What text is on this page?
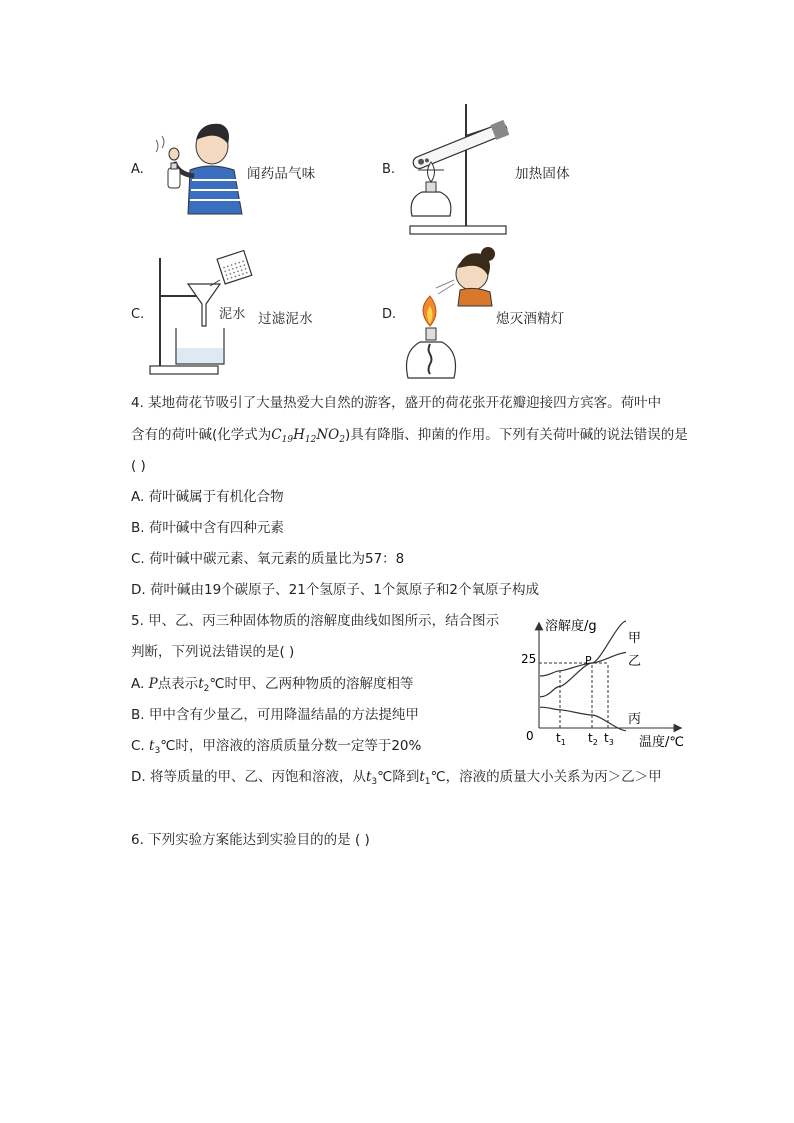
A.	闻药品气味	B.	加热固体
C.	泥水 过滤泥水	D.	熄灭酒精灯
4. 某地荷花节吸引了大量热爱大自然的游客，盛开的荷花张开花瓣迎接四方宾客。荷叶中
含有的荷叶碱(化学式为$C_{19}H_{12}NO_2$)具有降脂、抑菌的作用。下列有关荷叶碱的说法错误的是
( )
A. 荷叶碱属于有机化合物
B. 荷叶碱中含有四种元素
C. 荷叶碱中碳元素、氧元素的质量比为57：8
D. 荷叶碱由19个碳原子、21个氢原子、1个氮原子和2个氧原子构成
5. 甲、乙、丙三种固体物质的溶解度曲线如图所示，结合图示
判断，下列说法错误的是( )
A. P点表示$t_2℃$时甲、乙两种物质的溶解度相等
B. 甲中含有少量乙，可用降温结晶的方法提纯甲
C. $t_3℃$时，甲溶液的溶质质量分数一定等于20%
D. 将等质量的甲、乙、丙饱和溶液，从$t_3℃$降到$t_1℃$，溶液的质量大小关系为丙＞乙＞甲
溶解度/g
温度/℃
0
25
甲
乙
丙
P
$t_1$ $t_2$ $t_3$
6. 下列实验方案能达到实验目的的是 ( )
